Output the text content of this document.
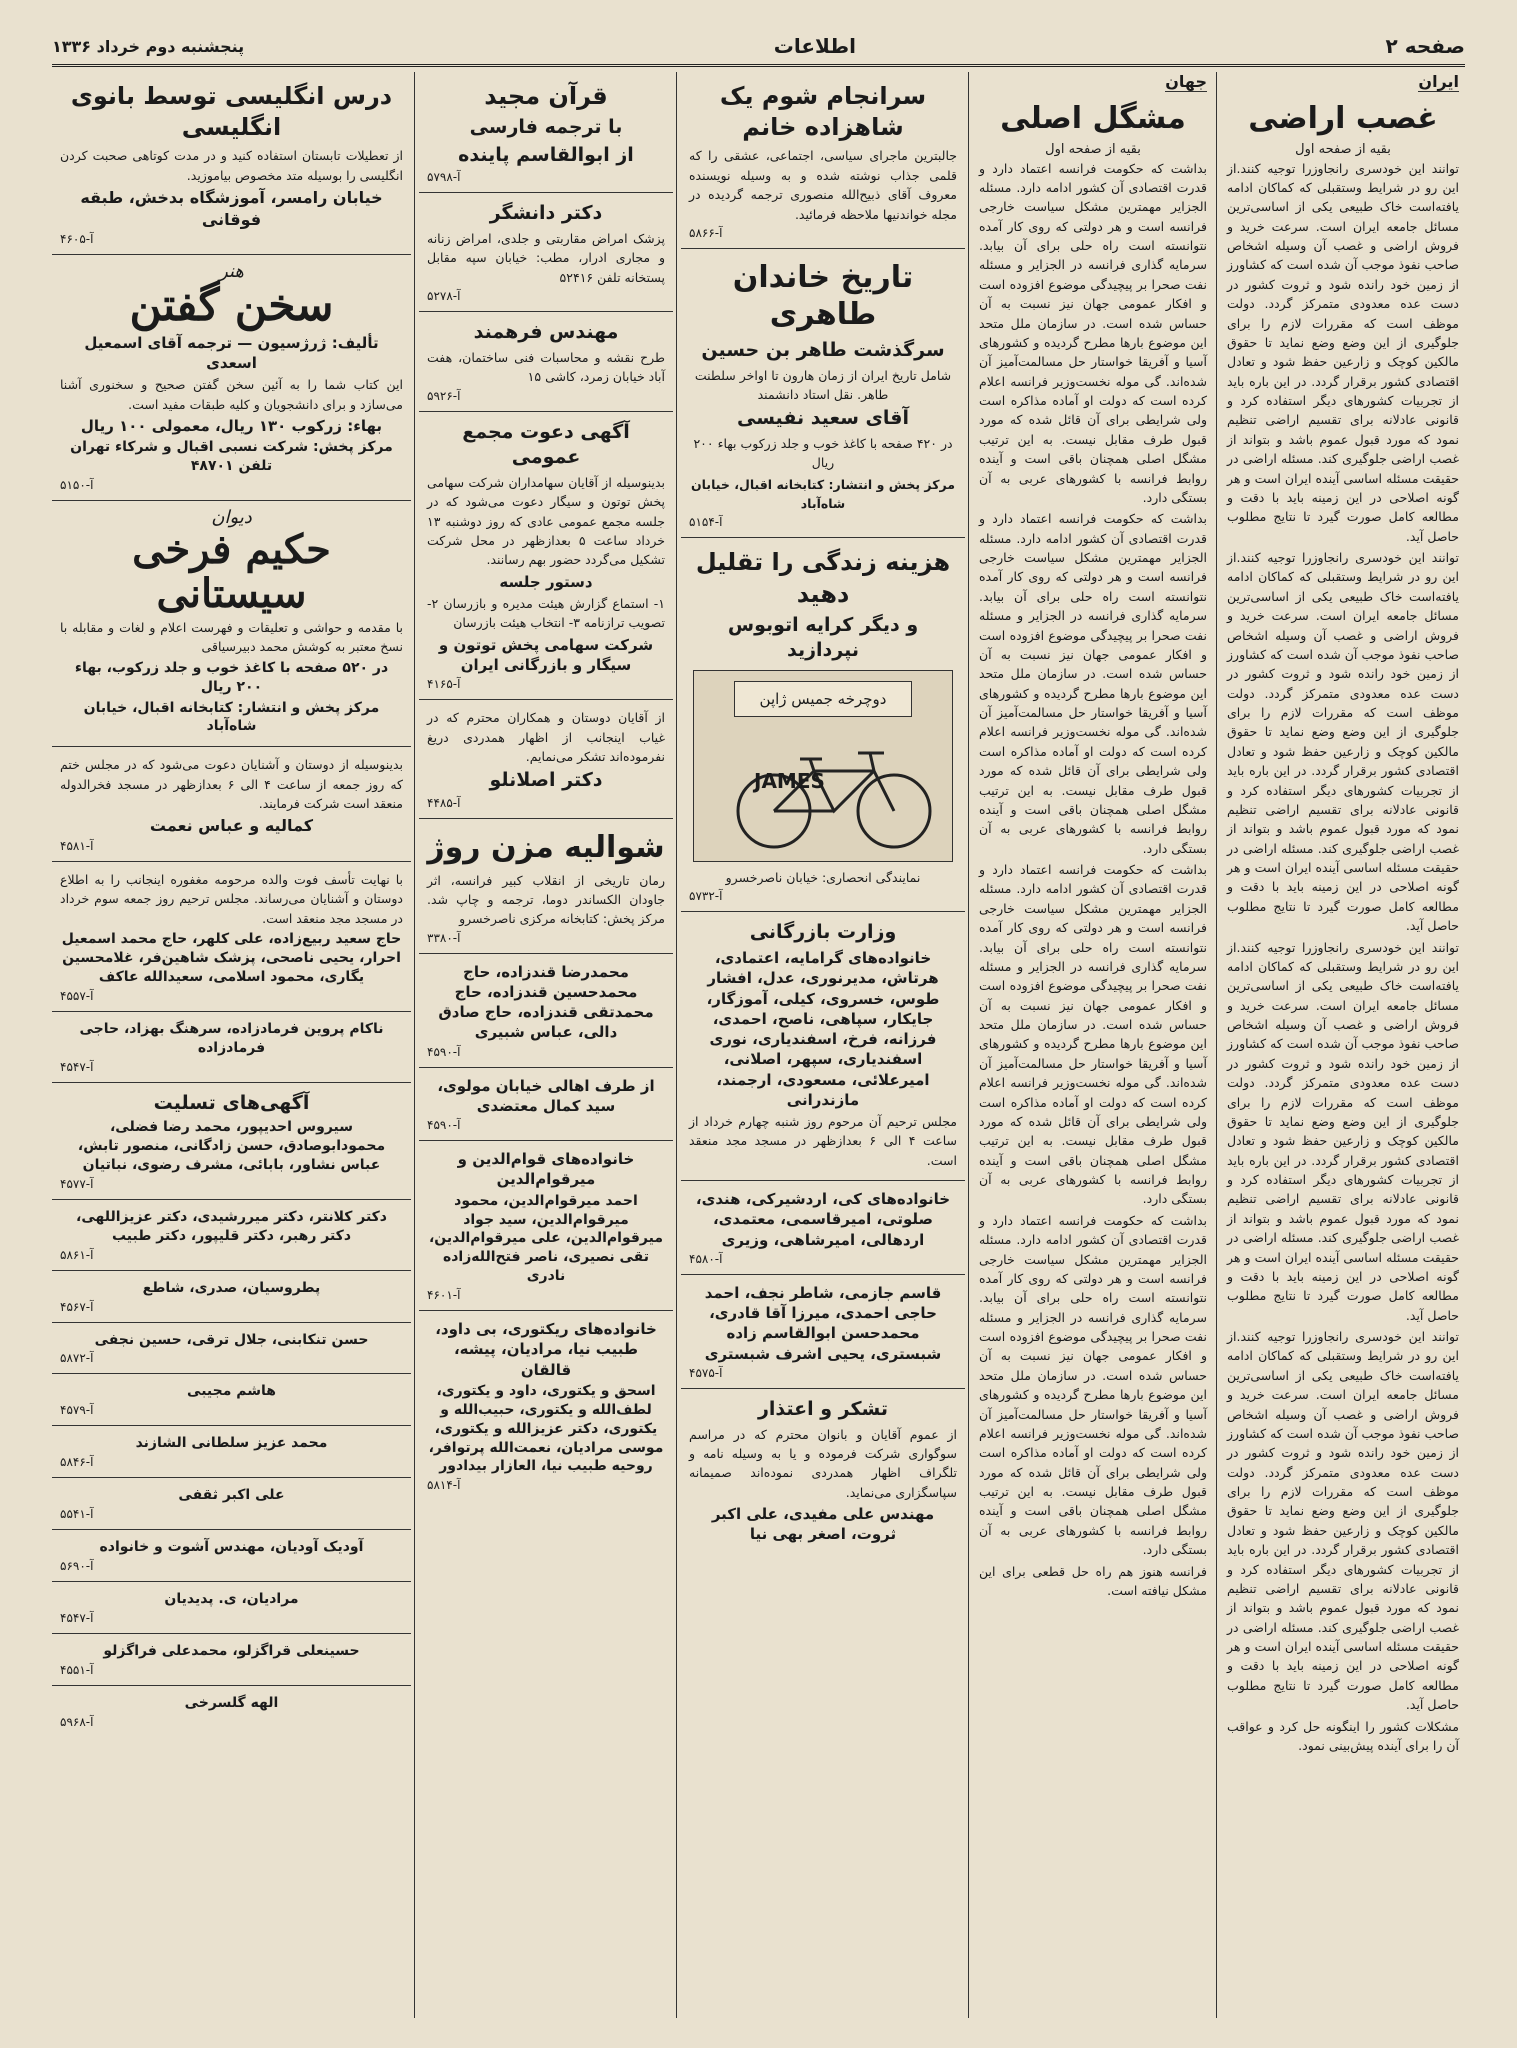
صفحه ۲
اطلاعات
پنجشنبه دوم خرداد ۱۳۳۶
ایران
غصب اراضی
بقیه از صفحه اول

توانند این خودسری رانجاوزرا توجیه کنند.از این رو در شرایط وستقبلی که کماکان ادامه یافته‌است خاک طبیعی یکی از اساسی‌ترین مسائل جامعه ایران است. سرعت خرید و فروش اراضی و غصب آن وسیله اشخاص صاحب نفوذ موجب آن شده است که کشاورز از زمین خود رانده شود و ثروت کشور در دست عده معدودی متمرکز گردد. دولت موظف است که مقررات لازم را برای جلوگیری از این وضع وضع نماید تا حقوق مالکین کوچک و زارعین حفظ شود و تعادل اقتصادی کشور برقرار گردد. در این باره باید از تجربیات کشورهای دیگر استفاده کرد و قانونی عادلانه برای تقسیم اراضی تنظیم نمود که مورد قبول عموم باشد و بتواند از غصب اراضی جلوگیری کند. مسئله اراضی در حقیقت مسئله اساسی آینده ایران است و هر گونه اصلاحی در این زمینه باید با دقت و مطالعه کامل صورت گیرد تا نتایج مطلوب حاصل آید.

توانند این خودسری رانجاوزرا توجیه کنند.از این رو در شرایط وستقبلی که کماکان ادامه یافته‌است خاک طبیعی یکی از اساسی‌ترین مسائل جامعه ایران است. سرعت خرید و فروش اراضی و غصب آن وسیله اشخاص صاحب نفوذ موجب آن شده است که کشاورز از زمین خود رانده شود و ثروت کشور در دست عده معدودی متمرکز گردد. دولت موظف است که مقررات لازم را برای جلوگیری از این وضع وضع نماید تا حقوق مالکین کوچک و زارعین حفظ شود و تعادل اقتصادی کشور برقرار گردد. در این باره باید از تجربیات کشورهای دیگر استفاده کرد و قانونی عادلانه برای تقسیم اراضی تنظیم نمود که مورد قبول عموم باشد و بتواند از غصب اراضی جلوگیری کند. مسئله اراضی در حقیقت مسئله اساسی آینده ایران است و هر گونه اصلاحی در این زمینه باید با دقت و مطالعه کامل صورت گیرد تا نتایج مطلوب حاصل آید.

توانند این خودسری رانجاوزرا توجیه کنند.از این رو در شرایط وستقبلی که کماکان ادامه یافته‌است خاک طبیعی یکی از اساسی‌ترین مسائل جامعه ایران است. سرعت خرید و فروش اراضی و غصب آن وسیله اشخاص صاحب نفوذ موجب آن شده است که کشاورز از زمین خود رانده شود و ثروت کشور در دست عده معدودی متمرکز گردد. دولت موظف است که مقررات لازم را برای جلوگیری از این وضع وضع نماید تا حقوق مالکین کوچک و زارعین حفظ شود و تعادل اقتصادی کشور برقرار گردد. در این باره باید از تجربیات کشورهای دیگر استفاده کرد و قانونی عادلانه برای تقسیم اراضی تنظیم نمود که مورد قبول عموم باشد و بتواند از غصب اراضی جلوگیری کند. مسئله اراضی در حقیقت مسئله اساسی آینده ایران است و هر گونه اصلاحی در این زمینه باید با دقت و مطالعه کامل صورت گیرد تا نتایج مطلوب حاصل آید.

توانند این خودسری رانجاوزرا توجیه کنند.از این رو در شرایط وستقبلی که کماکان ادامه یافته‌است خاک طبیعی یکی از اساسی‌ترین مسائل جامعه ایران است. سرعت خرید و فروش اراضی و غصب آن وسیله اشخاص صاحب نفوذ موجب آن شده است که کشاورز از زمین خود رانده شود و ثروت کشور در دست عده معدودی متمرکز گردد. دولت موظف است که مقررات لازم را برای جلوگیری از این وضع وضع نماید تا حقوق مالکین کوچک و زارعین حفظ شود و تعادل اقتصادی کشور برقرار گردد. در این باره باید از تجربیات کشورهای دیگر استفاده کرد و قانونی عادلانه برای تقسیم اراضی تنظیم نمود که مورد قبول عموم باشد و بتواند از غصب اراضی جلوگیری کند. مسئله اراضی در حقیقت مسئله اساسی آینده ایران است و هر گونه اصلاحی در این زمینه باید با دقت و مطالعه کامل صورت گیرد تا نتایج مطلوب حاصل آید.

مشکلات کشور را اینگونه حل کرد و عواقب آن را برای آینده پیش‌بینی نمود.

جهان
مشگل اصلی
بقیه از صفحه اول

بداشت که حکومت فرانسه اعتماد دارد و قدرت اقتصادی آن کشور ادامه دارد. مسئله الجزایر مهمترین مشکل سیاست خارجی فرانسه است و هر دولتی که روی کار آمده نتوانسته است راه حلی برای آن بیابد. سرمایه گذاری فرانسه در الجزایر و مسئله نفت صحرا بر پیچیدگی موضوع افزوده است و افکار عمومی جهان نیز نسبت به آن حساس شده است. در سازمان ملل متحد این موضوع بارها مطرح گردیده و کشورهای آسیا و آفریقا خواستار حل مسالمت‌آمیز آن شده‌اند. گی موله نخست‌وزیر فرانسه اعلام کرده است که دولت او آماده مذاکره است ولی شرایطی برای آن قائل شده که مورد قبول طرف مقابل نیست. به این ترتیب مشگل اصلی همچنان باقی است و آینده روابط فرانسه با کشورهای عربی به آن بستگی دارد.

بداشت که حکومت فرانسه اعتماد دارد و قدرت اقتصادی آن کشور ادامه دارد. مسئله الجزایر مهمترین مشکل سیاست خارجی فرانسه است و هر دولتی که روی کار آمده نتوانسته است راه حلی برای آن بیابد. سرمایه گذاری فرانسه در الجزایر و مسئله نفت صحرا بر پیچیدگی موضوع افزوده است و افکار عمومی جهان نیز نسبت به آن حساس شده است. در سازمان ملل متحد این موضوع بارها مطرح گردیده و کشورهای آسیا و آفریقا خواستار حل مسالمت‌آمیز آن شده‌اند. گی موله نخست‌وزیر فرانسه اعلام کرده است که دولت او آماده مذاکره است ولی شرایطی برای آن قائل شده که مورد قبول طرف مقابل نیست. به این ترتیب مشگل اصلی همچنان باقی است و آینده روابط فرانسه با کشورهای عربی به آن بستگی دارد.

بداشت که حکومت فرانسه اعتماد دارد و قدرت اقتصادی آن کشور ادامه دارد. مسئله الجزایر مهمترین مشکل سیاست خارجی فرانسه است و هر دولتی که روی کار آمده نتوانسته است راه حلی برای آن بیابد. سرمایه گذاری فرانسه در الجزایر و مسئله نفت صحرا بر پیچیدگی موضوع افزوده است و افکار عمومی جهان نیز نسبت به آن حساس شده است. در سازمان ملل متحد این موضوع بارها مطرح گردیده و کشورهای آسیا و آفریقا خواستار حل مسالمت‌آمیز آن شده‌اند. گی موله نخست‌وزیر فرانسه اعلام کرده است که دولت او آماده مذاکره است ولی شرایطی برای آن قائل شده که مورد قبول طرف مقابل نیست. به این ترتیب مشگل اصلی همچنان باقی است و آینده روابط فرانسه با کشورهای عربی به آن بستگی دارد.

بداشت که حکومت فرانسه اعتماد دارد و قدرت اقتصادی آن کشور ادامه دارد. مسئله الجزایر مهمترین مشکل سیاست خارجی فرانسه است و هر دولتی که روی کار آمده نتوانسته است راه حلی برای آن بیابد. سرمایه گذاری فرانسه در الجزایر و مسئله نفت صحرا بر پیچیدگی موضوع افزوده است و افکار عمومی جهان نیز نسبت به آن حساس شده است. در سازمان ملل متحد این موضوع بارها مطرح گردیده و کشورهای آسیا و آفریقا خواستار حل مسالمت‌آمیز آن شده‌اند. گی موله نخست‌وزیر فرانسه اعلام کرده است که دولت او آماده مذاکره است ولی شرایطی برای آن قائل شده که مورد قبول طرف مقابل نیست. به این ترتیب مشگل اصلی همچنان باقی است و آینده روابط فرانسه با کشورهای عربی به آن بستگی دارد.

فرانسه هنوز هم راه حل قطعی برای این مشکل نیافته است.

سرانجام شوم یک شاهزاده خانم

جالبترین ماجرای سیاسی، اجتماعی، عشقی را که قلمی جذاب نوشته شده و به وسیله نویسنده معروف آقای ذبیح‌الله منصوری ترجمه گردیده در مجله خواندنیها ملاحظه فرمائید.

آ-۵۸۶۶
تاریخ خاندان طاهری
سرگذشت طاهر بن حسین

شامل تاریخ ایران از زمان هارون تا اواخر سلطنت طاهر. نقل استاد دانشمند

آقای سعید نفیسی

در ۴۲۰ صفحه با کاغذ خوب و جلد زرکوب بهاء ۲۰۰ ریال

مرکز پخش و انتشار: کتابخانه اقبال، خیابان شاه‌آباد

آ-۵۱۵۴
هزینه زندگی را تقلیل دهید
و دیگر کرایه اتوبوس نپردازید
دوچرخه جمیس ژاپن
JAMES

نمایندگی انحصاری: خیابان ناصرخسرو

آ-۵۷۳۲
وزارت بازرگانی
خانواده‌های گرامایه، اعتمادی، هرتاش، مدیرنوری، عدل، افشار طوس، خسروی، کیلی، آموزگار، جایکار، سپاهی، ناصح، احمدی، فرزانه، فرخ، اسفندیاری، نوری اسفندیاری، سپهر، اصلانی، امیرعلائی، مسعودی، ارجمند، مازندرانی

مجلس ترحیم آن مرحوم روز شنبه چهارم خرداد از ساعت ۴ الی ۶ بعدازظهر در مسجد مجد منعقد است.

خانواده‌های کی، اردشیرکی، هندی، صلوتی، امیرقاسمی، معتمدی، اردهالی، امیرشاهی، وزیری
آ-۴۵۸۰
قاسم جازمی، شاطر نجف، احمد حاجی احمدی، میرزا آقا قادری، محمدحسن ابوالقاسم زاده شبستری، یحیی اشرف شبستری
آ-۴۵۷۵
تشکر و اعتذار

از عموم آقایان و بانوان محترم که در مراسم سوگواری شرکت فرموده و یا به وسیله نامه و تلگراف اظهار همدردی نموده‌اند صمیمانه سپاسگزاری می‌نماید.

مهندس علی مفیدی، علی اکبر ثروت، اصغر بهی نیا
قرآن مجید
با ترجمه فارسی
از ابوالقاسم پاینده
آ-۵۷۹۸
دکتر دانشگر

پزشک امراض مقاربتی و جلدی، امراض زنانه و مجاری ادرار، مطب: خیابان سپه مقابل پستخانه تلفن ۵۲۴۱۶

آ-۵۲۷۸
مهندس فرهمند

طرح نقشه و محاسبات فنی ساختمان، هفت آباد خیابان زمرد، کاشی ۱۵

آ-۵۹۲۶
آگهی دعوت مجمع عمومی

بدینوسیله از آقایان سهامداران شرکت سهامی پخش توتون و سیگار دعوت می‌شود که در جلسه مجمع عمومی عادی که روز دوشنبه ۱۳ خرداد ساعت ۵ بعدازظهر در محل شرکت تشکیل می‌گردد حضور بهم رسانند.

دستور جلسه

۱- استماع گزارش هیئت مدیره و بازرسان ۲- تصویب ترازنامه ۳- انتخاب هیئت بازرسان

شرکت سهامی پخش توتون و سیگار و بازرگانی ایران
آ-۴۱۶۵

از آقایان دوستان و همکاران محترم که در غیاب اینجانب از اظهار همدردی دریغ نفرموده‌اند تشکر می‌نمایم.

دکتر اصلانلو
آ-۴۴۸۵
شوالیه مزن روژ

رمان تاریخی از انقلاب کبیر فرانسه، اثر جاودان الکساندر دوما، ترجمه و چاپ شد. مرکز پخش: کتابخانه مرکزی ناصرخسرو

آ-۳۳۸۰
محمدرضا قندزاده، حاج محمدحسین قندزاده، حاج محمدتقی قندزاده، حاج صادق دالی، عباس شبیری
آ-۴۵۹۰
از طرف اهالی خیابان مولوی، سید کمال معتضدی
آ-۴۵۹۰
خانواده‌های قوام‌الدین و میرقوام‌الدین
احمد میرقوام‌الدین، محمود میرقوام‌الدین، سید جواد میرقوام‌الدین، علی میرقوام‌الدین، تقی نصیری، ناصر فتح‌الله‌زاده نادری
آ-۴۶۰۱
خانواده‌های ریکتوری، بی داود، طبیب نیا، مرادیان، پیشه، قالقان
اسحق و یکتوری، داود و یکتوری، لطف‌الله و یکتوری، حبیب‌الله و یکتوری، دکتر عزیزالله و یکتوری، موسی مرادیان، نعمت‌الله پرتوافر، روحیه طبیب نیا، العازار بیدادور
آ-۵۸۱۴
درس انگلیسی توسط بانوی انگلیسی

از تعطیلات تابستان استفاده کنید و در مدت کوتاهی صحبت کردن انگلیسی را بوسیله متد مخصوص بیاموزید.

خیابان رامسر، آموزشگاه بدخش، طبقه فوقانی
آ-۴۶۰۵
هنر
سخن گفتن
تألیف: ژرژسیون — ترجمه آقای اسمعیل اسعدی

این کتاب شما را به آئین سخن گفتن صحیح و سخنوری آشنا می‌سازد و برای دانشجویان و کلیه طبقات مفید است.

بهاء: زرکوب ۱۳۰ ریال، معمولی ۱۰۰ ریال
مرکز پخش: شرکت نسبی اقبال و شرکاء تهران تلفن ۴۸۷۰۱
آ-۵۱۵۰
دیوان
حکیم فرخی سیستانی

با مقدمه و حواشی و تعلیقات و فهرست اعلام و لغات و مقابله با نسخ معتبر به کوشش محمد دبیرسیاقی

در ۵۲۰ صفحه با کاغذ خوب و جلد زرکوب، بهاء ۲۰۰ ریال
مرکز پخش و انتشار: کتابخانه اقبال، خیابان شاه‌آباد

بدینوسیله از دوستان و آشنایان دعوت می‌شود که در مجلس ختم که روز جمعه از ساعت ۴ الی ۶ بعدازظهر در مسجد فخرالدوله منعقد است شرکت فرمایند.

کمالیه و عباس نعمت
آ-۴۵۸۱

با نهایت تأسف فوت والده مرحومه مغفوره اینجانب را به اطلاع دوستان و آشنایان می‌رساند. مجلس ترحیم روز جمعه سوم خرداد در مسجد مجد منعقد است.

حاج سعید ربیع‌زاده، علی کلهر، حاج محمد اسمعیل احرار، یحیی ناصحی، پزشک شاهین‌فر، غلامحسین یگاری، محمود اسلامی، سعیدالله عاکف
آ-۴۵۵۷
ناکام پروین فرمادزاده، سرهنگ بهزاد، حاجی فرمادزاده
آ-۴۵۴۷
آگهی‌های تسلیت
سیروس احدیپور، محمد رضا فضلی، محمودابوصادق، حسن زادگانی، منصور تابش، عباس نشاور، بابائی، مشرف رضوی، نباتیان
آ-۴۵۷۷
دکتر کلانتر، دکتر میررشیدی، دکتر عزیزاللهی، دکتر رهبر، دکتر قلیپور، دکتر طبیب
آ-۵۸۶۱
پطروسیان، صدری، شاطع
آ-۴۵۶۷
حسن تنکابنی، جلال ترقی، حسین نجفی
آ-۵۸۷۲
هاشم مجیبی
آ-۴۵۷۹
محمد عزیز سلطانی الشازند
آ-۵۸۴۶
علی اکبر ثقفی
آ-۵۵۴۱
آودیک آودیان، مهندس آشوت و خانواده
آ-۵۶۹۰
مرادیان، ی. پدیدیان
آ-۴۵۴۷
حسینعلی قراگزلو، محمدعلی فراگزلو
آ-۴۵۵۱
الهه گلسرخی
آ-۵۹۶۸
